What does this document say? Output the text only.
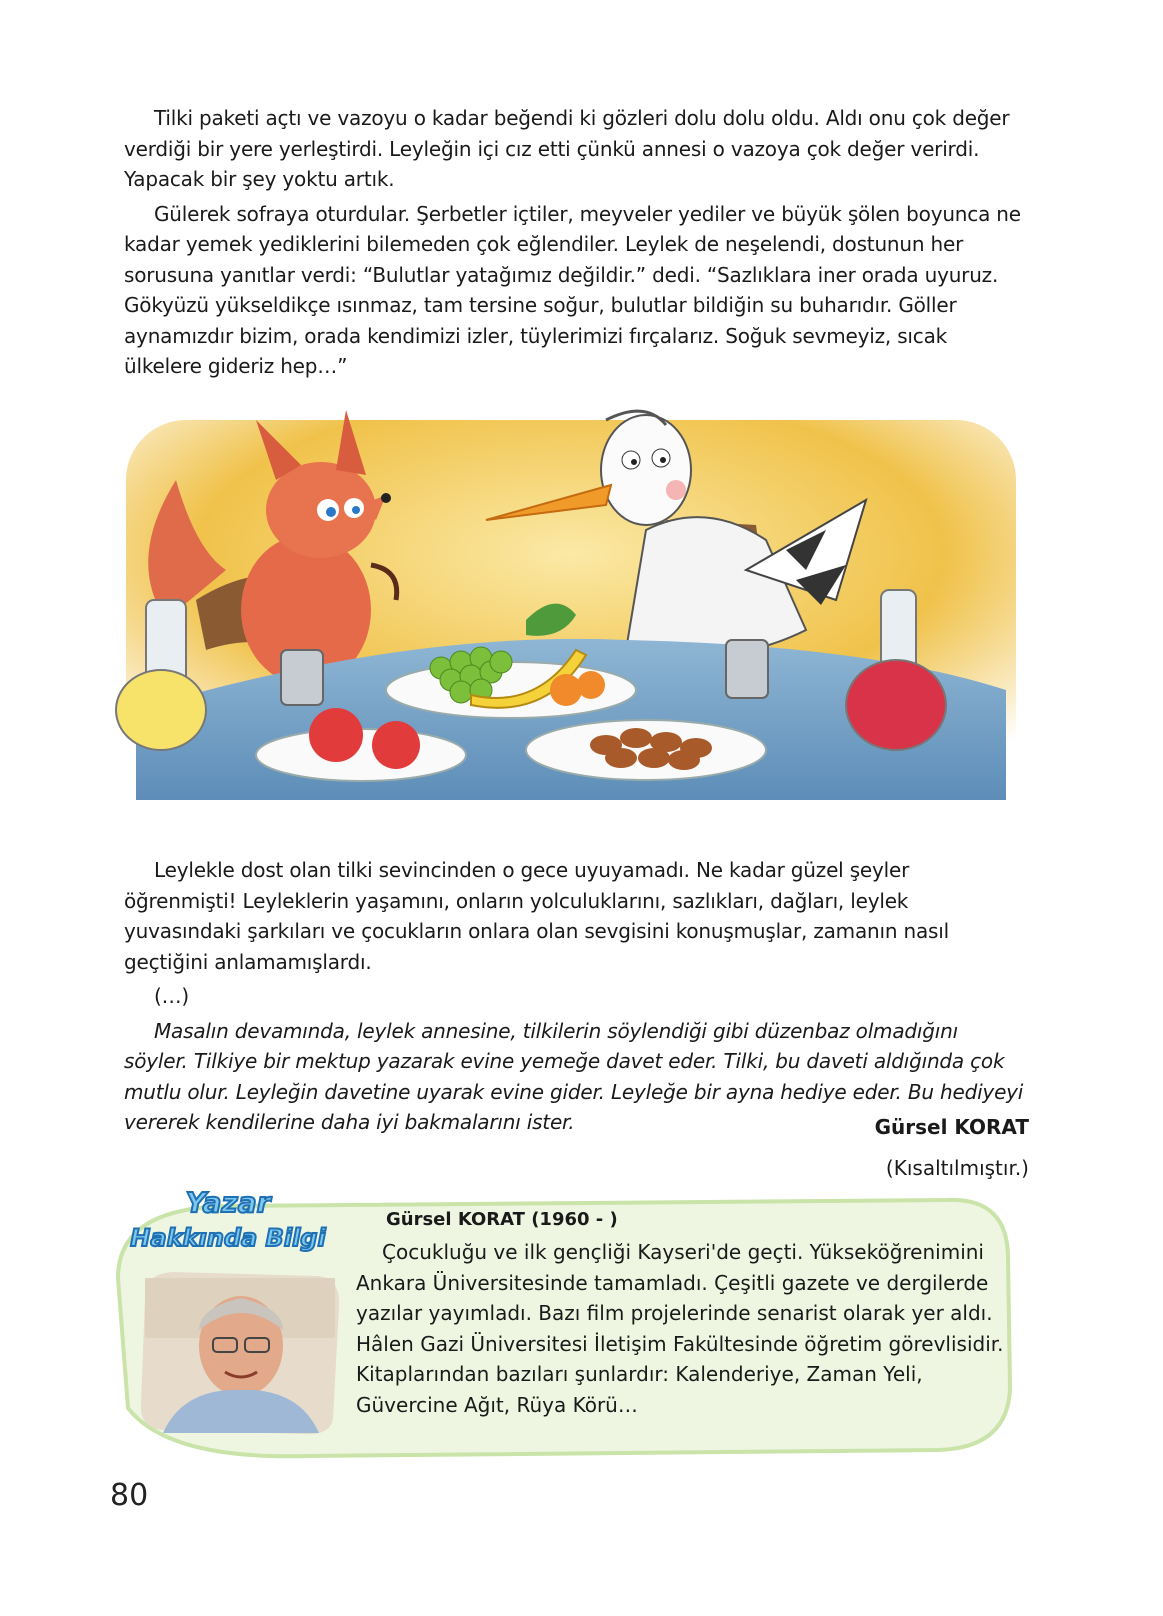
Tilki paketi açtı ve vazoyu o kadar beğendi ki gözleri dolu dolu oldu. Aldı onu çok değer verdiği bir yere yerleştirdi. Leyleğin içi cız etti çünkü annesi o vazoya çok değer verirdi. Yapacak bir şey yoktu artık.

Gülerek sofraya oturdular. Şerbetler içtiler, meyveler yediler ve büyük şölen boyunca ne kadar yemek yediklerini bilemeden çok eğlendiler. Leylek de neşelendi, dostunun her sorusuna yanıtlar verdi: “Bulutlar yatağımız değildir.” dedi. “Sazlıklara iner orada uyuruz. Gökyüzü yükseldikçe ısınmaz, tam tersine soğur, bulutlar bildiğin su buharıdır. Göller aynamızdır bizim, orada kendimizi izler, tüylerimizi fırçalarız. Soğuk sevmeyiz, sıcak ülkelere gideriz hep…”

Leylekle dost olan tilki sevincinden o gece uyuyamadı. Ne kadar güzel şeyler öğrenmişti! Leyleklerin yaşamını, onların yolculuklarını, sazlıkları, dağları, leylek yuvasındaki şarkıları ve çocukların onlara olan sevgisini konuşmuşlar, zamanın nasıl geçtiğini anlamamışlardı.

(…)

Masalın devamında, leylek annesine, tilkilerin söylendiği gibi düzenbaz olmadığını söyler. Tilkiye bir mektup yazarak evine yemeğe davet eder. Tilki, bu daveti aldığında çok mutlu olur. Leyleğin davetine uyarak evine gider. Leyleğe bir ayna hediye eder. Bu hediyeyi vererek kendilerine daha iyi bakmalarını ister.	Gürsel KORAT
(Kısaltılmıştır.)
Yazar
Hakkında Bilgi
Gürsel KORAT (1960 - )

Çocukluğu ve ilk gençliği Kayseri'de geçti. Yükseköğrenimini Ankara Üniversitesinde tamamladı. Çeşitli gazete ve dergilerde yazılar yayımladı. Bazı film projelerinde senarist olarak yer aldı. Hâlen Gazi Üniversitesi İletişim Fakültesinde öğretim görevlisidir. Kitaplarından bazıları şunlardır: Kalenderiye, Zaman Yeli, Güvercine Ağıt, Rüya Körü…

80
